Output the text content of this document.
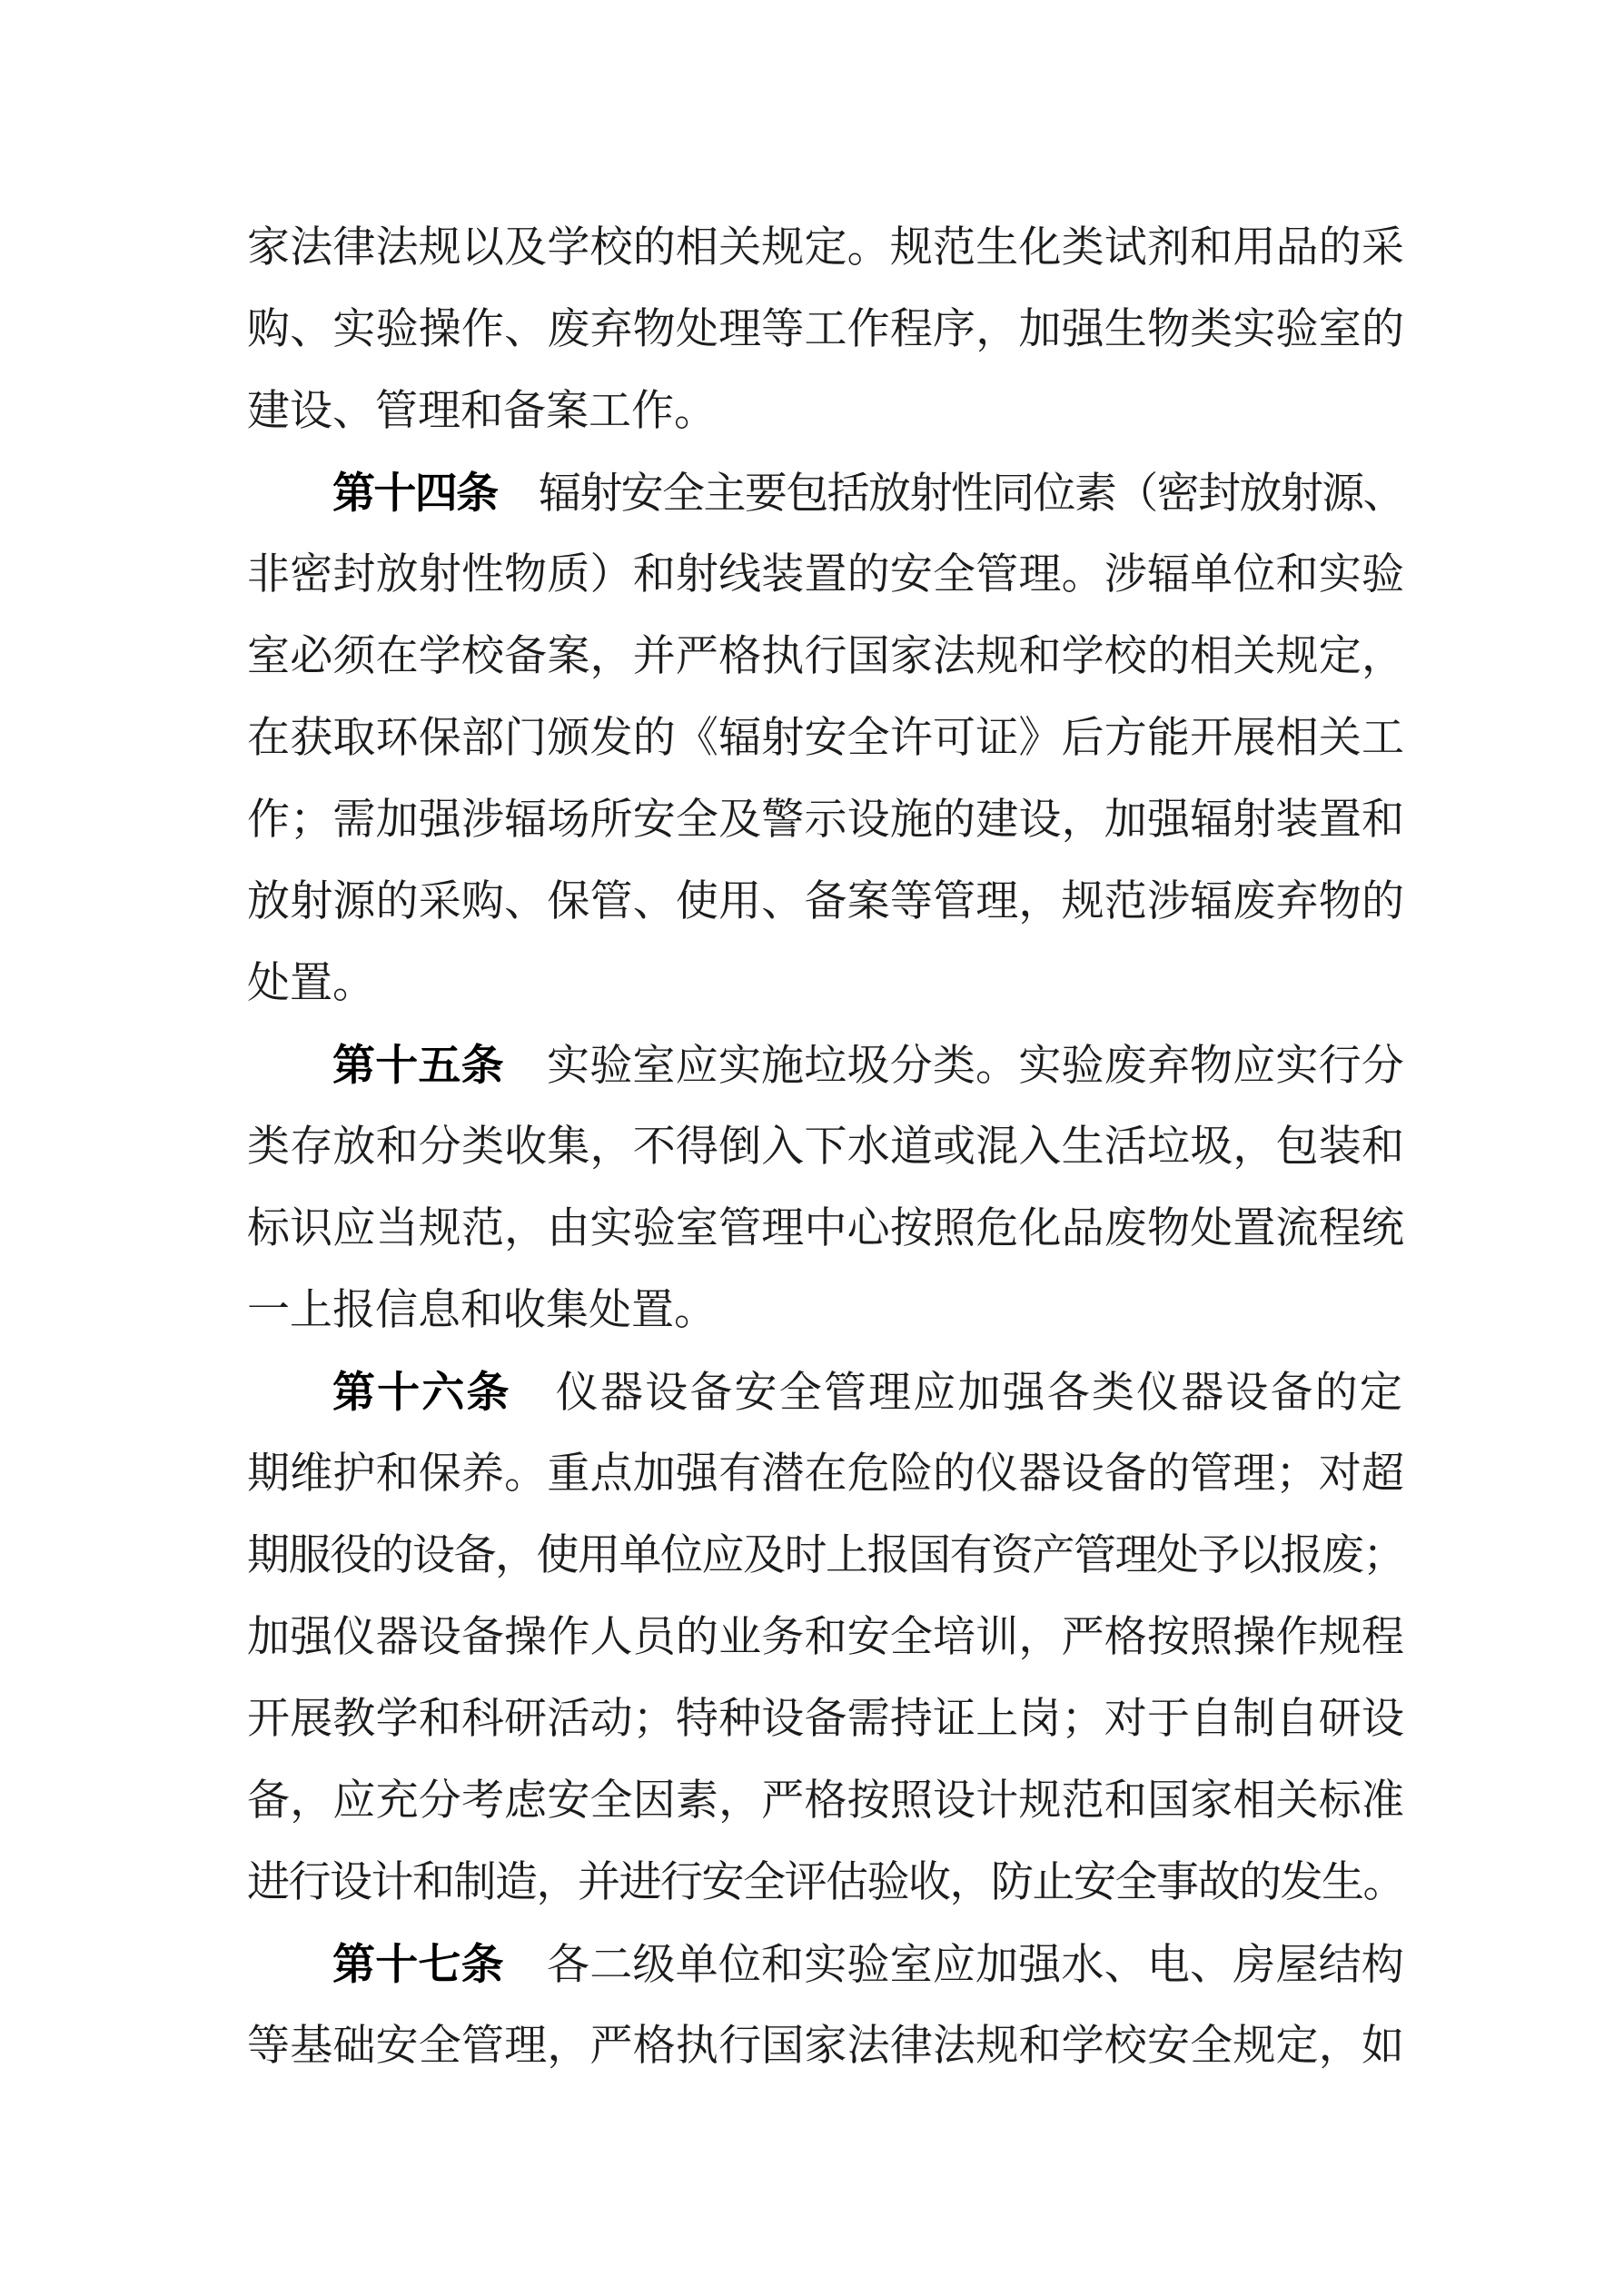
家法律法规以及学校的相关规定。规范生化类试剂和用品的采
购、实验操作、废弃物处理等工作程序，加强生物类实验室的
建设、管理和备案工作。
第十四条　 辐射安全主要包括放射性同位素（密封放射源、
非密封放射性物质）和射线装置的安全管理。涉辐单位和实验
室必须在学校备案，并严格执行国家法规和学校的相关规定，
在获取环保部门颁发的《辐射安全许可证》后方能开展相关工
作；需加强涉辐场所安全及警示设施的建设，加强辐射装置和
放射源的采购、保管、使用、备案等管理，规范涉辐废弃物的
处置。
第十五条　 实验室应实施垃圾分类。实验废弃物应实行分
类存放和分类收集，不得倒入下水道或混入生活垃圾，包装和
标识应当规范，由实验室管理中心按照危化品废物处置流程统
一上报信息和收集处置。
第十六条　 仪器设备安全管理应加强各类仪器设备的定
期维护和保养。重点加强有潜在危险的仪器设备的管理；对超
期服役的设备，使用单位应及时上报国有资产管理处予以报废；
加强仪器设备操作人员的业务和安全培训，严格按照操作规程
开展教学和科研活动；特种设备需持证上岗；对于自制自研设
备，应充分考虑安全因素，严格按照设计规范和国家相关标准
进行设计和制造，并进行安全评估验收，防止安全事故的发生。
第十七条　 各二级单位和实验室应加强水、电、房屋结构
等基础安全管理，严格执行国家法律法规和学校安全规定，如
